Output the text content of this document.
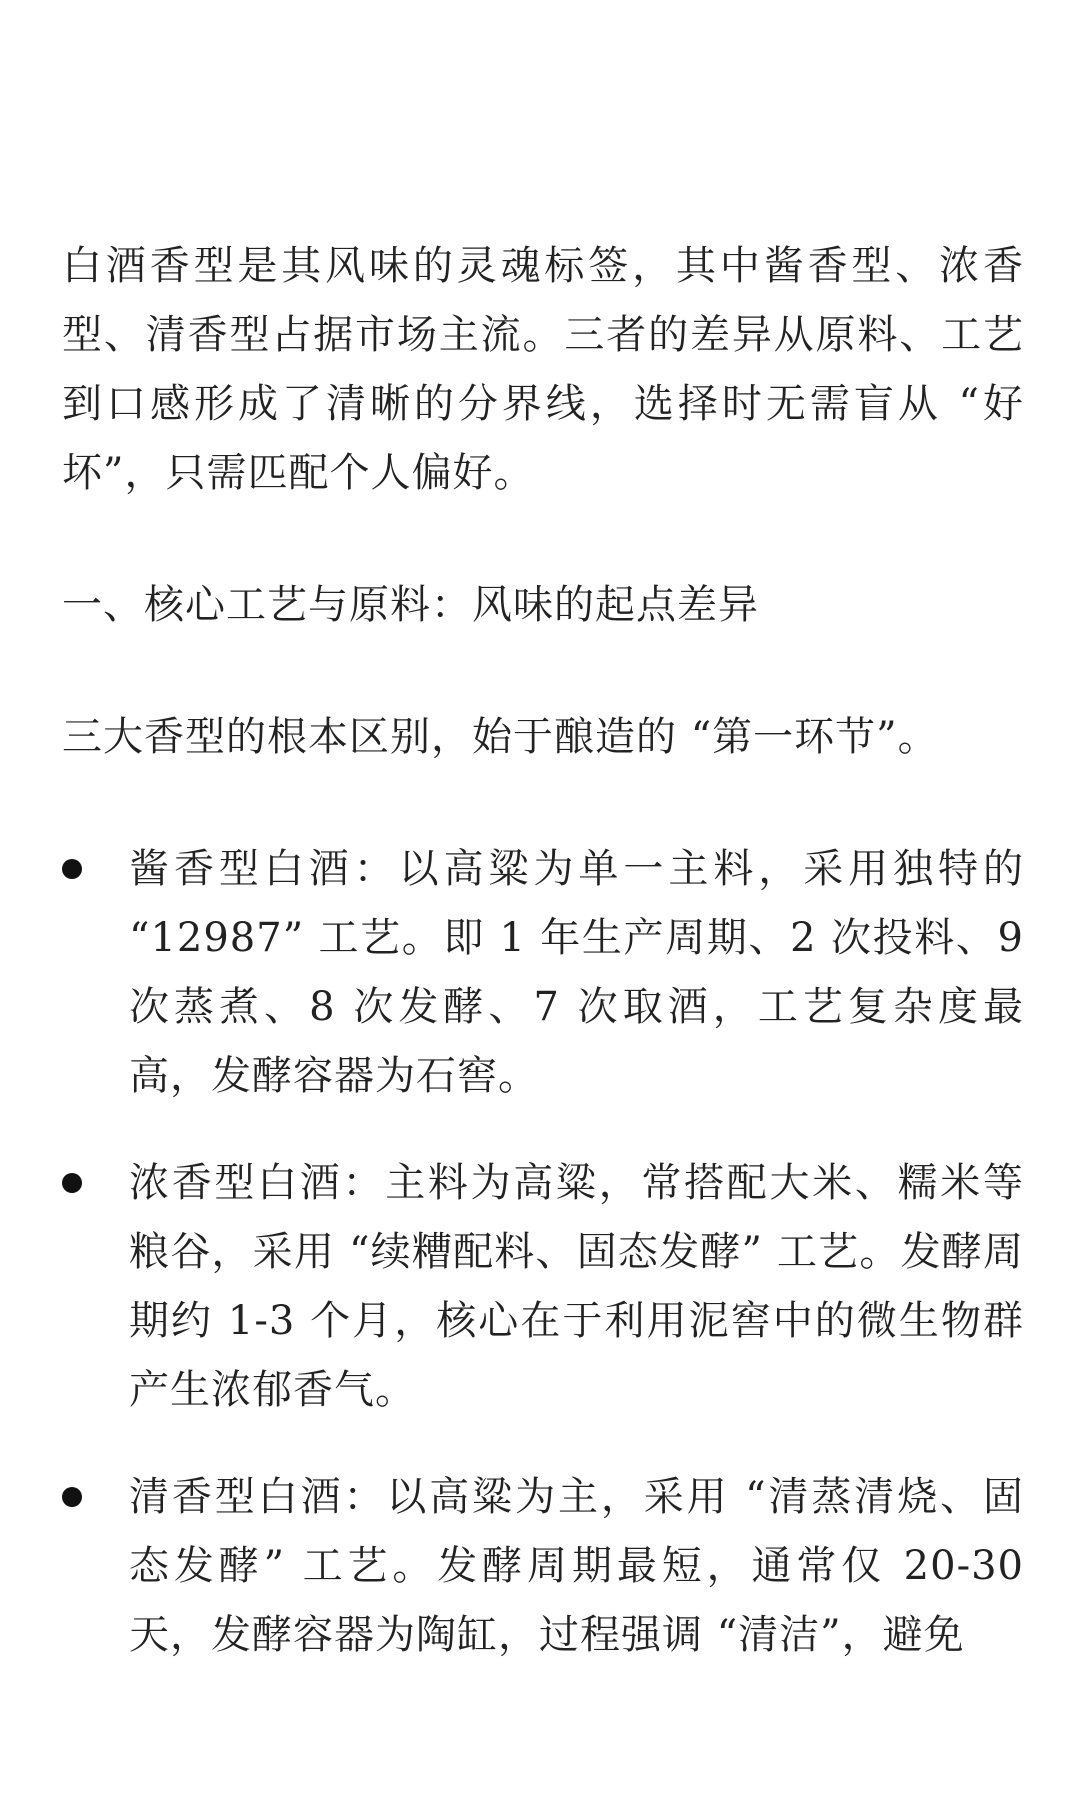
白酒香型是其风味的灵魂标签，其中酱香型、浓香型、清香型占据市场主流。三者的差异从原料、工艺到口感形成了清晰的分界线，选择时无需盲从 “好坏”，只需匹配个人偏好。

一、核心工艺与原料：风味的起点差异

三大香型的根本区别，始于酿造的 “第一环节”。

酱香型白酒：以高粱为单一主料，采用独特的 “12987” 工艺。即 1 年生产周期、2 次投料、9 次蒸煮、8 次发酵、7 次取酒，工艺复杂度最高，发酵容器为石窖。

浓香型白酒：主料为高粱，常搭配大米、糯米等粮谷，采用 “续糟配料、固态发酵” 工艺。发酵周期约 1-3 个月，核心在于利用泥窖中的微生物群产生浓郁香气。

清香型白酒：以高粱为主，采用 “清蒸清烧、固态发酵” 工艺。发酵周期最短，通常仅 20-30 天，发酵容器为陶缸，过程强调 “清洁”，避免
